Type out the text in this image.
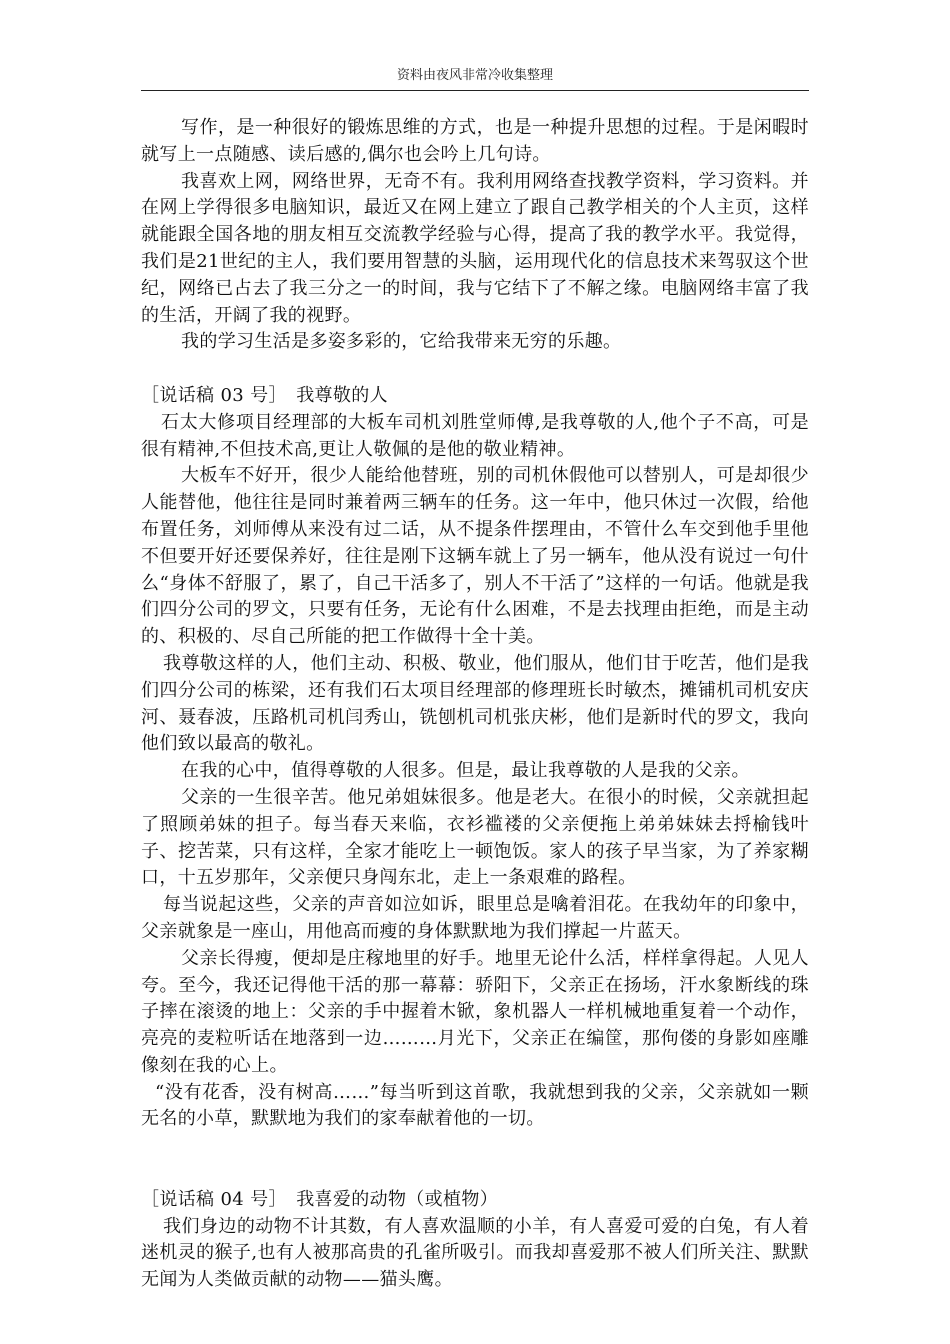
资料由夜风非常冷收集整理

写作，是一种很好的锻炼思维的方式，也是一种提升思想的过程。于是闲暇时就写上一点随感、读后感的,偶尔也会吟上几句诗。

我喜欢上网，网络世界，无奇不有。我利用网络查找教学资料，学习资料。并在网上学得很多电脑知识，最近又在网上建立了跟自己教学相关的个人主页，这样就能跟全国各地的朋友相互交流教学经验与心得，提高了我的教学水平。我觉得，我们是21世纪的主人，我们要用智慧的头脑，运用现代化的信息技术来驾驭这个世纪，网络已占去了我三分之一的时间，我与它结下了不解之缘。电脑网络丰富了我的生活，开阔了我的视野。

我的学习生活是多姿多彩的，它给我带来无穷的乐趣。

［说话稿 03 号］　我尊敬的人

石太大修项目经理部的大板车司机刘胜堂师傅,是我尊敬的人,他个子不高，可是很有精神,不但技术高,更让人敬佩的是他的敬业精神。

大板车不好开，很少人能给他替班，别的司机休假他可以替别人，可是却很少人能替他，他往往是同时兼着两三辆车的任务。这一年中，他只休过一次假，给他布置任务，刘师傅从来没有过二话，从不提条件摆理由，不管什么车交到他手里他不但要开好还要保养好，往往是刚下这辆车就上了另一辆车，他从没有说过一句什么“身体不舒服了，累了，自己干活多了，别人不干活了”这样的一句话。他就是我们四分公司的罗文，只要有任务，无论有什么困难，不是去找理由拒绝，而是主动的、积极的、尽自己所能的把工作做得十全十美。

我尊敬这样的人，他们主动、积极、敬业，他们服从，他们甘于吃苦，他们是我们四分公司的栋梁，还有我们石太项目经理部的修理班长时敏杰，摊铺机司机安庆河、聂春波，压路机司机闫秀山，铣刨机司机张庆彬，他们是新时代的罗文，我向他们致以最高的敬礼。

在我的心中，值得尊敬的人很多。但是，最让我尊敬的人是我的父亲。

父亲的一生很辛苦。他兄弟姐妹很多。他是老大。在很小的时候，父亲就担起了照顾弟妹的担子。每当春天来临，衣衫褴褛的父亲便拖上弟弟妹妹去捋榆钱叶子、挖苦菜，只有这样，全家才能吃上一顿饱饭。家人的孩子早当家，为了养家糊口，十五岁那年，父亲便只身闯东北，走上一条艰难的路程。

每当说起这些，父亲的声音如泣如诉，眼里总是噙着泪花。在我幼年的印象中，父亲就象是一座山，用他高而瘦的身体默默地为我们撑起一片蓝天。

父亲长得瘦，便却是庄稼地里的好手。地里无论什么活，样样拿得起。人见人夸。至今，我还记得他干活的那一幕幕：骄阳下，父亲正在扬场，汗水象断线的珠子摔在滚烫的地上：父亲的手中握着木锨，象机器人一样机械地重复着一个动作，亮亮的麦粒听话在地落到一边………月光下，父亲正在编筐，那佝偻的身影如座雕像刻在我的心上。

“没有花香，没有树高……”每当听到这首歌，我就想到我的父亲，父亲就如一颗无名的小草，默默地为我们的家奉献着他的一切。

［说话稿 04 号］　我喜爱的动物（或植物）

我们身边的动物不计其数，有人喜欢温顺的小羊，有人喜爱可爱的白兔，有人着迷机灵的猴子,也有人被那高贵的孔雀所吸引。而我却喜爱那不被人们所关注、默默无闻为人类做贡献的动物——猫头鹰。
